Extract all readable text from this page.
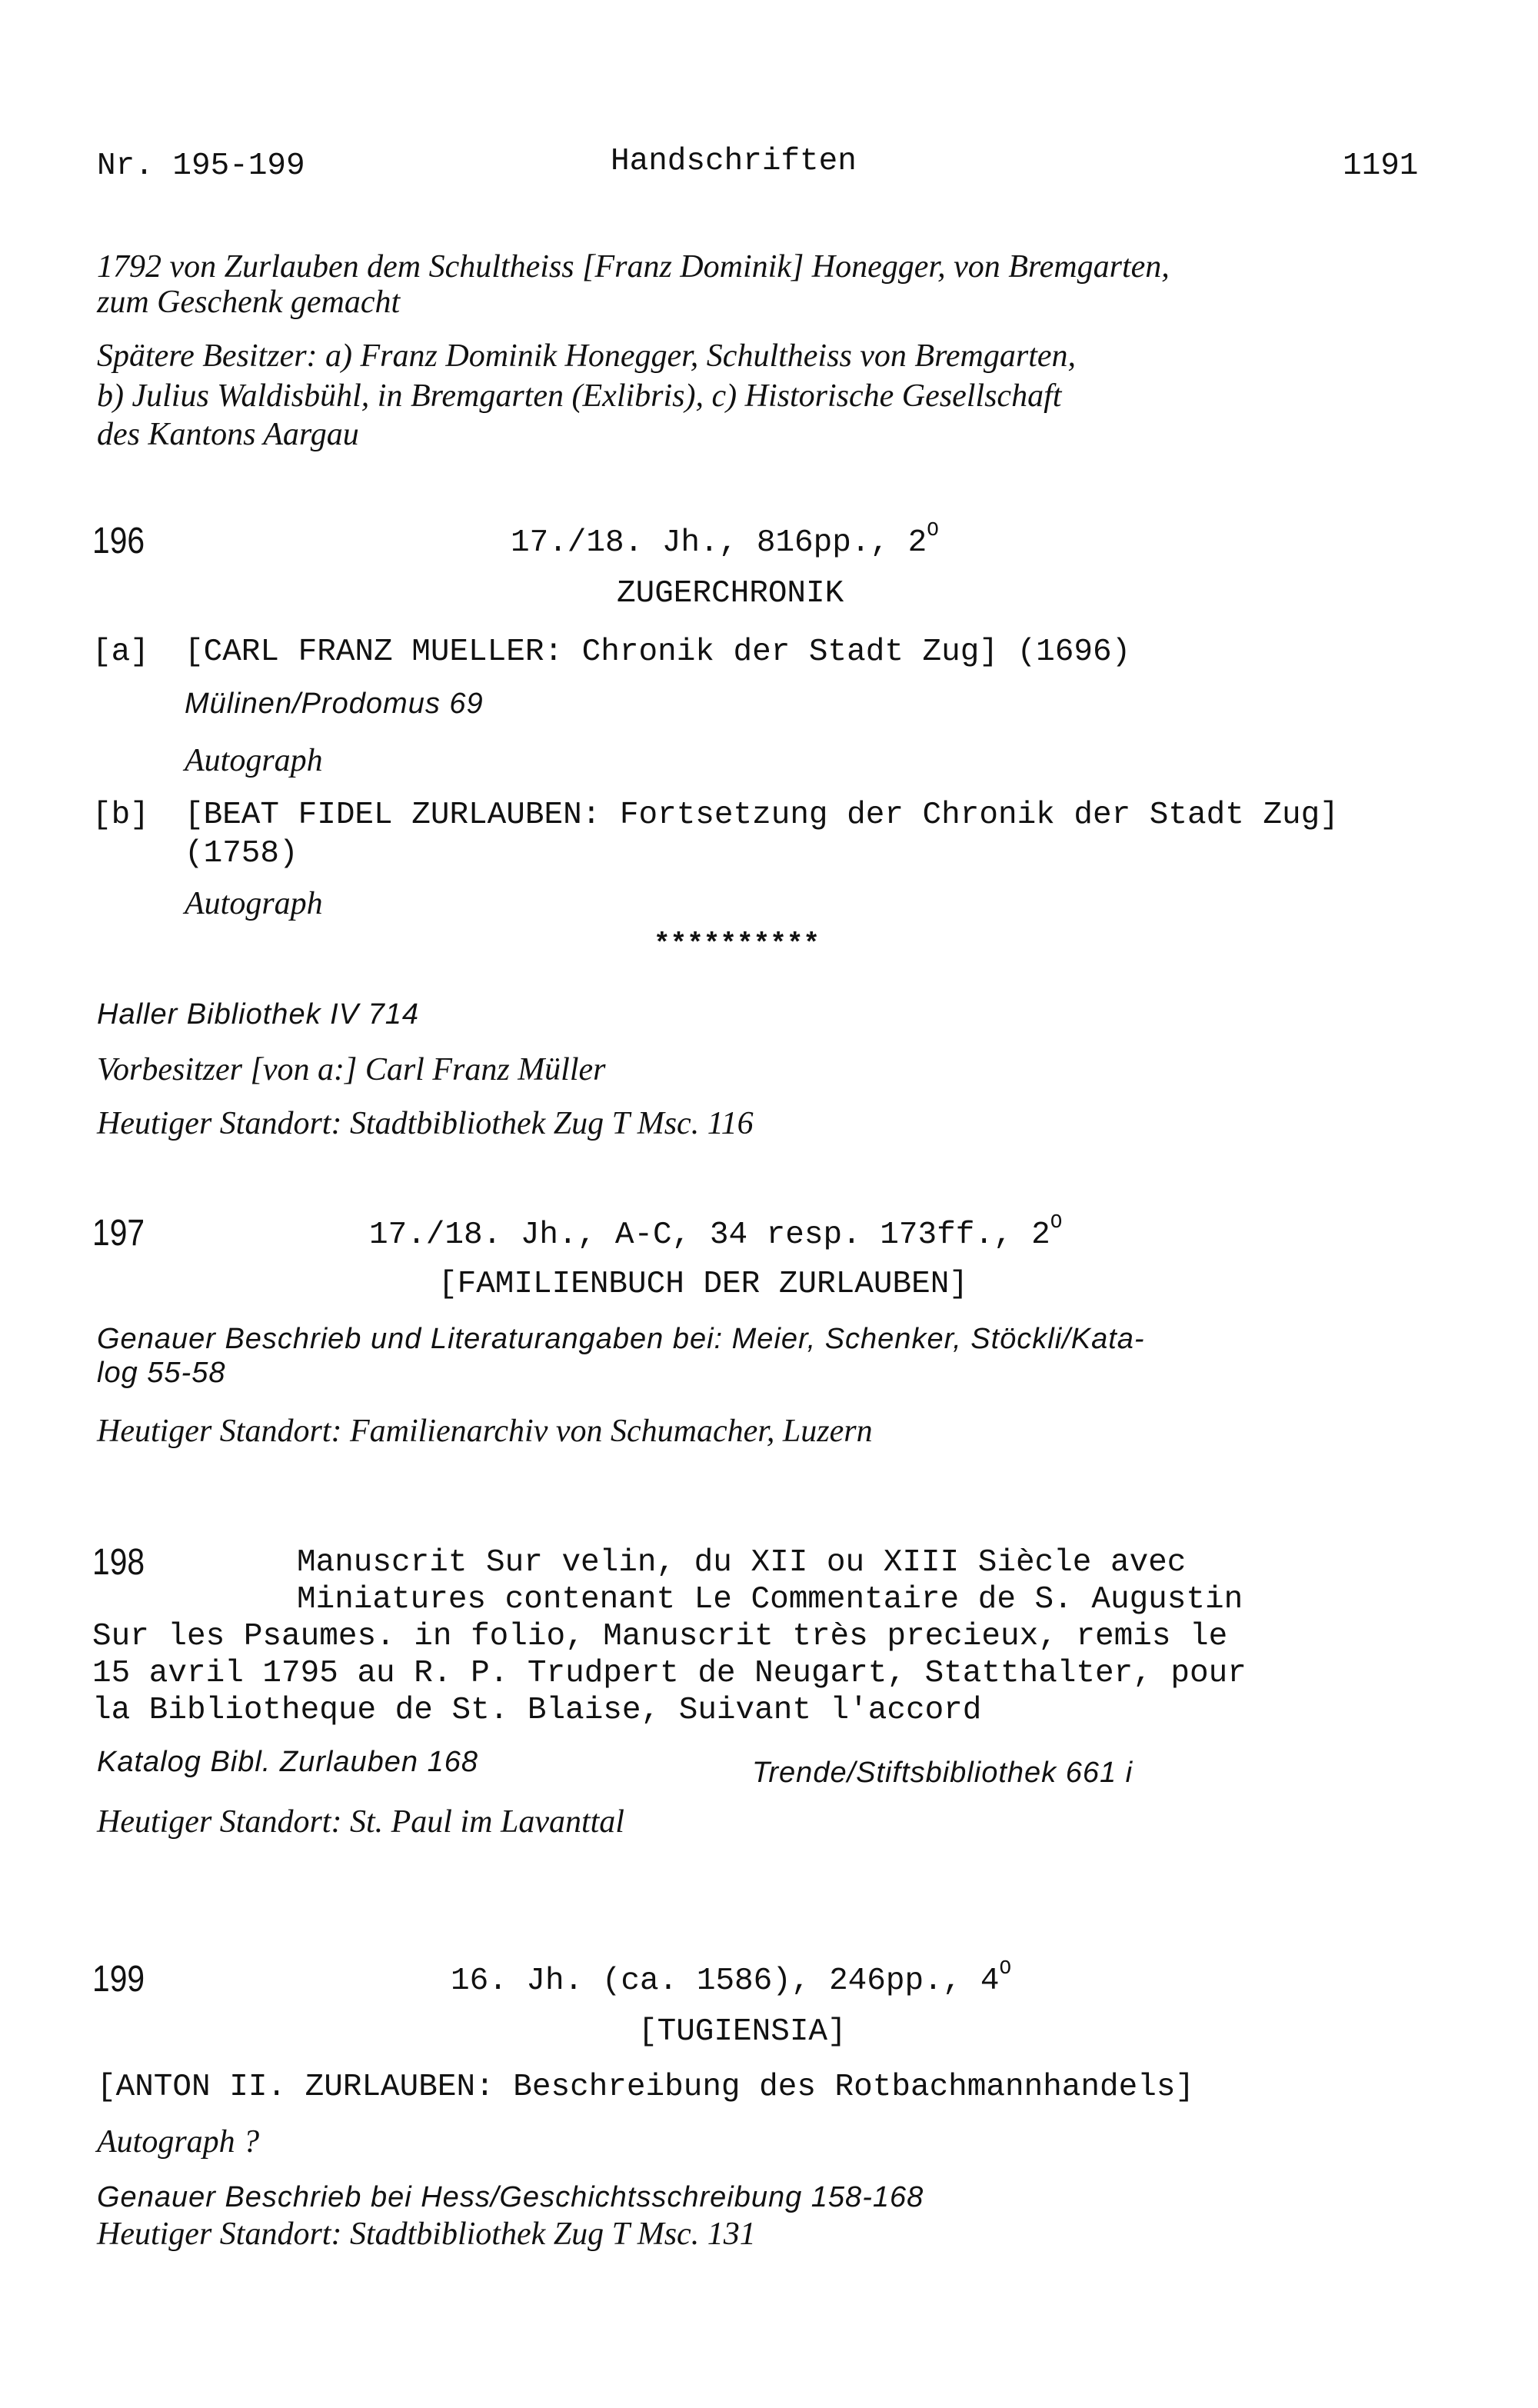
Nr. 195-199	Handschriften	1191
1792 von Zurlauben dem Schultheiss [Franz Dominik] Honegger, von Bremgarten,
zum Geschenk gemacht
Spätere Besitzer: a) Franz Dominik Honegger, Schultheiss von Bremgarten,
b) Julius Waldisbühl, in Bremgarten (Exlibris), c) Historische Gesellschaft
des Kantons Aargau
196	17./18. Jh., 816pp., $2^O$
ZUGERCHRONIK
[a] [CARL FRANZ MUELLER: Chronik der Stadt Zug] (1696)
Mülinen/Prodomus 69
Autograph
[b] [BEAT FIDEL ZURLAUBEN: Fortsetzung der Chronik der Stadt Zug]
(1758)
Autograph
**********
Haller Bibliothek IV 714
Vorbesitzer [von a:] Carl Franz Müller
Heutiger Standort: Stadtbibliothek Zug T Msc. 116
197	17./18. Jh., A-C, 34 resp. 173ff., $2^O$
[FAMILIENBUCH DER ZURLAUBEN]
Genauer Beschrieb und Literaturangaben bei: Meier, Schenker, Stöckli/Kata-
log 55-58
Heutiger Standort: Familienarchiv von Schumacher, Luzern
198	Manuscrit Sur velin, du XII ou XIII Siècle avec
Miniatures contenant Le Commentaire de S. Augustin
Sur les Psaumes. in folio, Manuscrit très precieux, remis le
15 avril 1795 au R. P. Trudpert de Neugart, Statthalter, pour
la Bibliotheque de St. Blaise, Suivant l'accord
Katalog Bibl. Zurlauben 168	Trende/Stiftsbibliothek 661 i
Heutiger Standort: St. Paul im Lavanttal
199	16. Jh. (ca. 1586), 246pp., $4^O$
[TUGIENSIA]
[ANTON II. ZURLAUBEN: Beschreibung des Rotbachmannhandels]
Autograph ?
Genauer Beschrieb bei Hess/Geschichtsschreibung 158-168
Heutiger Standort: Stadtbibliothek Zug T Msc. 131
